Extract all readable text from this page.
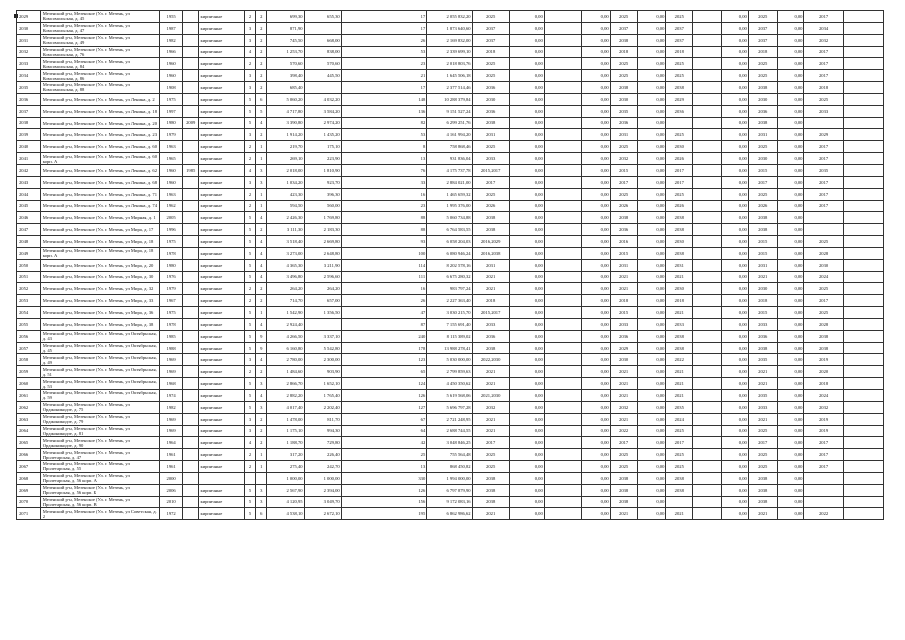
2029	Мезенский р-н, Мезенское (Ул. г. Мезень, ул Комсомольская, д. 45	1955		кирпичные	2	2	699,30	655,30	17	2 055 832,20	2025	0,00		0,00	2025	0,00	2025		0,00	2025	0,00	2017	
2030	Мезенский р-н, Мезенское (Ул. г. Мезень, ул Комсомольская, д. 47	1987		кирпичные	3	2	871,90		17	1 873 640,60	2037	0,00		0,00	2037	0,00	2037		0,00	2037	0,00	2034	
2031	Мезенский р-н, Мезенское (Ул. г. Мезень, ул Комсомольская, д. 49	1982		кирпичные	3	2	745,50	668,00	26	2 169 832,00	2037	0,00		0,00	2038	0,00	2037		0,00	2037	0,00	2032	
2032	Мезенский р-н, Мезенское (Ул. г. Мезень, ул Комсомольская, д. 76	1966		кирпичные	4	2	1 253,70	838,00	53	2 339 699,10	2018	0,00		0,00	2018	0,00	2018		0,00	2018	0,00	2017	
2033	Мезенский р-н, Мезенское (Ул. г. Мезень, ул Комсомольская, д. 84	1960		кирпичные	2	2	570,60	570,60	23	2 018 803,76	2025	0,00		0,00	2025	0,00	2025		0,00	2025	0,00	2017	
2034	Мезенский р-н, Мезенское (Ул. г. Мезень, ул Комсомольская, д. 86	1960		кирпичные	3	2	398,40	445,50	21	1 645 506,18	2025	0,00		0,00	2025	0,00	2025		0,00	2025	0,00	2017	
2035	Мезенский р-н, Мезенское (Ул. г. Мезень, ул Комсомольская, д. 88	1908		кирпичные	3	2	685,40		17	2 377 514,46	2036	0,00		0,00	2038	0,00	2038		0,00	2038	0,00	2018	
2036	Мезенский р-н, Мезенское (Ул. г. Мезень, ул Ленина, д. 2	1975		кирпичные	5	6	5 060,20	4 032,20	148	10 288 379,84	2030	0,00		0,00	2030	0,00	2029		0,00	2030	0,00	2025	
2037	Мезенский р-н, Мезенское (Ул. г. Мезень, ул Ленина, д. 18	1997		кирпичные	5	5	4 717,80	3 584,20	136	9 151 527,24	2036	0,00		0,00	2035	0,00	2036		0,00	2036	0,00	2033	
2038	Мезенский р-н, Мезенское (Ул. г. Мезень, ул Ленина, д. 20	1980	2009	кирпичные	5	4	3 390,80	2 974,20	82	6 299 251,76	2038	0,00		0,00	2036	0,00			0,00	2038	0,00		
2039	Мезенский р-н, Мезенское (Ул. г. Мезень, ул Ленина, д. 23	1979		кирпичные	3	2	1 914,20	1 435,20	53	4 161 994,20	2031	0,00		0,00	2031	0,00	2025		0,00	2031	0,00	2029	
2040	Мезенский р-н, Мезенское (Ул. г. Мезень, ул Ленина, д. 60	1963		кирпичные	2	1	219,70	175,10	8	758 868,46	2025	0,00		0,00	2025	0,00	2030		0,00	2025	0,00	2017	
2041	Мезенский р-н, Мезенское (Ул. г. Мезень, ул Ленина, д. 60 корп. А	1965		кирпичные	2	1	269,10	223,90	13	931 836,04	2033	0,00		0,00	2032	0,00	2026		0,00	2030	0,00	2017	
2042	Мезенский р-н, Мезенское (Ул. г. Мезень, ул Ленина, д. 62	1960	1985	кирпичные	4	3	2 018,00	1 810,90	76	4 175 737,78	2015,2017	0,00		0,00	2015	0,00	2017		0,00	2015	0,00	2035	
2043	Мезенский р-н, Мезенское (Ул. г. Мезень, ул Ленина, д. 68	1960		кирпичные	3	3	1 034,20	923,70	33	2 884 021,00	2017	0,00		0,00	2017	0,00	2017		0,00	2017	0,00	2017	
2044	Мезенский р-н, Мезенское (Ул. г. Мезень, ул Ленина, д. 71	1963		кирпичные	2	1	423,30	396,30	16	1 465 659,32	2025	0,00		0,00	2025	0,00	2025		0,00	2025	0,00	2017	
2045	Мезенский р-н, Мезенское (Ул. г. Мезень, ул Ленина, д. 74	1962		кирпичные	2	1	594,50	560,00	23	1 995 376,00	2026	0,00		0,00	2026	0,00	2026		0,00	2026	0,00	2017	
2046	Мезенский р-н, Мезенское (Ул. г. Мезень, ул Мирная, д. 1	2005		кирпичные	5	4	2 426,30	1 769,80	88	5 060 734,88	2038	0,00		0,00	2038	0,00	2038		0,00	2038	0,00		
2047	Мезенский р-н, Мезенское (Ул. г. Мезень, ул Мира, д. 17	1996		кирпичные	5	2	3 111,30	2 183,30	88	6 764 583,55	2038	0,00		0,00	2036	0,00	2038		0,00	2038	0,00		
2048	Мезенский р-н, Мезенское (Ул. г. Мезень, ул Мира, д. 18	1975		кирпичные	5	4	3 518,40	2 669,80	93	6 058 204,03	2016,2029	0,00		0,00	2016	0,00	2030		0,00	2015	0,00	2025	
2049	Мезенский р-н, Мезенское (Ул. г. Мезень, ул Мира, д. 18 корп. А	1978		кирпичные	5	4	3 273,00	2 648,80	100	6 080 946,24	2016,2038	0,00		0,00	2015	0,00	2038		0,00	2015	0,00	2028	
2050	Мезенский р-н, Мезенское (Ул. г. Мезень, ул Мира, д. 20	1980		кирпичные	5	4	4 365,30	3 211,90	114	8 202 578,16	2031	0,00		0,00	2031	0,00	2031		0,00	2031	0,00	2030	
2051	Мезенский р-н, Мезенское (Ул. г. Мезень, ул Мира, д. 30	1976		кирпичные	5	4	3 496,80	2 596,60	111	6 675 280,32	2021	0,00		0,00	2021	0,00	2021		0,00	2021	0,00	2024	
2052	Мезенский р-н, Мезенское (Ул. г. Мезень, ул Мира, д. 32	1979		кирпичные	2	2	264,20	264,20	16	983 797,24	2021	0,00		0,00	2021	0,00	2030		0,00	2030	0,00	2025	
2053	Мезенский р-н, Мезенское (Ул. г. Мезень, ул Мира, д. 33	1967		кирпичные	2	2	714,70	657,00	26	2 227 363,40	2018	0,00		0,00	2018	0,00	2018		0,00	2018	0,00	2017	
2054	Мезенский р-н, Мезенское (Ул. г. Мезень, ул Мира, д. 36	1975		кирпичные	5	1	1 542,90	1 356,50	47	3 030 215,70	2015,2017	0,00		0,00	2015	0,00	2021		0,00	2015	0,00	2025	
2055	Мезенский р-н, Мезенское (Ул. г. Мезень, ул Мира, д. 38	1978		кирпичные	5	4	2 924,40		87	7 155 691,40	2033	0,00		0,00	2033	0,00	2033		0,00	2033	0,00	2028	
2056	Мезенский р-н, Мезенское (Ул. г. Мезень, ул Октябрьская, д. 43	1985		кирпичные	5	9	4 266,50	3 337,10	240	8 115 389,02	2036	0,00		0,00	2036	0,00	2038		0,00	2036	0,00	2038	
2057	Мезенский р-н, Мезенское (Ул. г. Мезень, ул Октябрьская, д. 45	1988		кирпичные	5	9	6 160,80	5 542,80	178	13 988 278,41	2038	0,00		0,00	2029	0,00	2038		0,00	2038	0,00	2038	
2058	Мезенский р-н, Мезенское (Ул. г. Мезень, ул Октябрьская, д. 49	1969		кирпичные	3	4	2 780,00	2 300,00	123	5 030 000,00	2022,2030	0,00		0,00	2030	0,00	2022		0,00	2035	0,00	2019	
2059	Мезенский р-н, Мезенское (Ул. г. Мезень, ул Октябрьская, д. 51	1969		кирпичные	2	2	1 484,60	903,90	65	2 799 859,63	2021	0,00		0,00	2021	0,00	2021		0,00	2021	0,00	2020	
2060	Мезенский р-н, Мезенское (Ул. г. Мезень, ул Октябрьская, д. 53	1968		кирпичные	5	3	2 866,70	1 652,10	124	4 450 350,62	2021	0,00		0,00	2021	0,00	2021		0,00	2021	0,00	2018	
2061	Мезенский р-н, Мезенское (Ул. г. Мезень, ул Октябрьская, д. 59	1974		кирпичные	5	4	2 882,20	1 765,40	126	5 619 568,06	2021,2030	0,00		0,00	2021	0,00	2021		0,00	2035	0,00	2024	
2062	Мезенский р-н, Мезенское (Ул. г. Мезень, ул Орджоникидзе, д. 75	1982		кирпичные	5	3	4 017,40	2 202,40	127	5 696 797,28	2032	0,00		0,00	2032	0,00	2035		0,00	2033	0,00	2032	
2063	Мезенский р-н, Мезенское (Ул. г. Мезень, ул Орджоникидзе, д. 79	1969		кирпичные	3	2	1 478,00	811,70	67	2 721 248,95	2021	0,00		0,00	2021	0,00	2024		0,00	2021	0,00	2019	
2064	Мезенский р-н, Мезенское (Ул. г. Мезень, ул Орджоникидзе, д. 81	1969		кирпичные	3	2	1 175,10	994,30	64	2 688 744,55	2021	0,00		0,00	2022	0,00	2025		0,00	2025	0,00	2019	
2065	Мезенский р-н, Мезенское (Ул. г. Мезень, ул Орджоникидзе, д. 90	1964		кирпичные	4	2	1 188,70	729,80	42	3 048 846,25	2017	0,00		0,00	2017	0,00	2017		0,00	2017	0,00	2017	
2066	Мезенский р-н, Мезенское (Ул. г. Мезень, ул Пролетарская, д. 47	1961		кирпичные	2	1	317,20	226,40	25	755 564,48	2025	0,00		0,00	2025	0,00	2025		0,00	2025	0,00	2017	
2067	Мезенский р-н, Мезенское (Ул. г. Мезень, ул Пролетарская, д. 55	1961		кирпичные	2	1	275,40	242,70	13	868 450,82	2025	0,00		0,00	2025	0,00	2025		0,00	2025	0,00	2017	
2068	Мезенский р-н, Мезенское (Ул. г. Мезень, ул Пролетарская, д. 56 корп. А	2000					1 000,00	1 000,00	330	1 994 000,00	2038	0,00		0,00	2038	0,00	2038		0,00	2038	0,00		
2069	Мезенский р-н, Мезенское (Ул. г. Мезень, ул Пролетарская, д. 56 корп. Б	2006		кирпичные	5	3	2 567,90	2 394,00	126	6 797 879,90	2038	0,00		0,00	2038	0,00	2038		0,00	2038	0,00		
2070	Мезенский р-н, Мезенское (Ул. г. Мезень, ул Пролетарская, д. 56 корп. В	2010		кирпичные	5	3	4 120,95	3 049,70	156	9 172 083,16	2038	0,00		0,00	2038	0,00			0,00	2038	0,00		
2071	Мезенский р-н, Мезенское (Ул. г. Мезень, ул Советская, д. 2	1972		кирпичные	5	6	4 538,10	2 672,10	195	6 862 986,62	2021	0,00		0,00	2021	0,00	2021		0,00	2021	0,00	2022	
